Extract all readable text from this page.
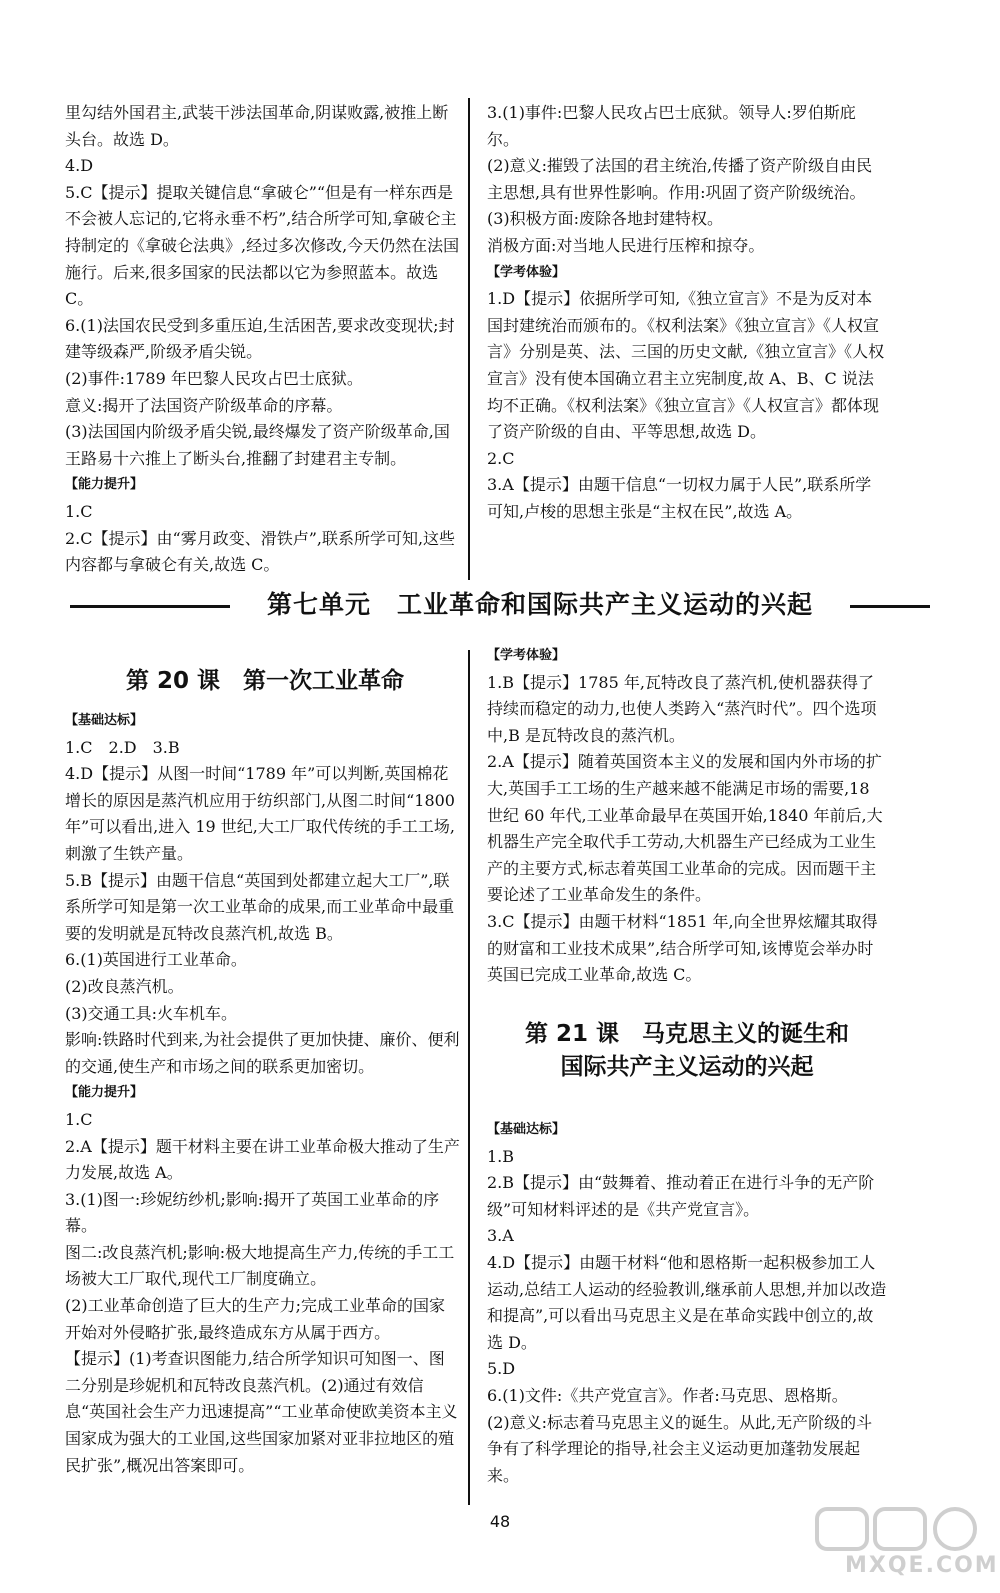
里勾结外国君主,武装干涉法国革命,阴谋败露,被推上断头台。故选 D。

4.D

5.C【提示】提取关键信息“拿破仑”“但是有一样东西是不会被人忘记的,它将永垂不朽”,结合所学可知,拿破仑主持制定的《拿破仑法典》,经过多次修改,今天仍然在法国施行。后来,很多国家的民法都以它为参照蓝本。故选 C。

6.(1)法国农民受到多重压迫,生活困苦,要求改变现状;封建等级森严,阶级矛盾尖锐。

(2)事件:1789 年巴黎人民攻占巴士底狱。

意义:揭开了法国资产阶级革命的序幕。

(3)法国国内阶级矛盾尖锐,最终爆发了资产阶级革命,国王路易十六推上了断头台,推翻了封建君主专制。

【能力提升】

1.C

2.C【提示】由“雾月政变、滑铁卢”,联系所学可知,这些内容都与拿破仑有关,故选 C。

3.(1)事件:巴黎人民攻占巴士底狱。领导人:罗伯斯庇尔。

(2)意义:摧毁了法国的君主统治,传播了资产阶级自由民主思想,具有世界性影响。作用:巩固了资产阶级统治。

(3)积极方面:废除各地封建特权。

消极方面:对当地人民进行压榨和掠夺。

【学考体验】

1.D【提示】依据所学可知,《独立宣言》不是为反对本国封建统治而颁布的。《权利法案》《独立宣言》《人权宣言》分别是英、法、三国的历史文献,《独立宣言》《人权宣言》没有使本国确立君主立宪制度,故 A、B、C 说法均不正确。《权利法案》《独立宣言》《人权宣言》都体现了资产阶级的自由、平等思想,故选 D。

2.C

3.A【提示】由题干信息“一切权力属于人民”,联系所学可知,卢梭的思想主张是“主权在民”,故选 A。

第七单元　工业革命和国际共产主义运动的兴起
第 20 课　第一次工业革命
【基础达标】

1.C　2.D　3.B

4.D【提示】从图一时间“1789 年”可以判断,英国棉花增长的原因是蒸汽机应用于纺织部门,从图二时间“1800 年”可以看出,进入 19 世纪,大工厂取代传统的手工工场,刺激了生铁产量。

5.B【提示】由题干信息“英国到处都建立起大工厂”,联系所学可知是第一次工业革命的成果,而工业革命中最重要的发明就是瓦特改良蒸汽机,故选 B。

6.(1)英国进行工业革命。

(2)改良蒸汽机。

(3)交通工具:火车机车。

影响:铁路时代到来,为社会提供了更加快捷、廉价、便利的交通,使生产和市场之间的联系更加密切。

【能力提升】

1.C

2.A【提示】题干材料主要在讲工业革命极大推动了生产力发展,故选 A。

3.(1)图一:珍妮纺纱机;影响:揭开了英国工业革命的序幕。

图二:改良蒸汽机;影响:极大地提高生产力,传统的手工工场被大工厂取代,现代工厂制度确立。

(2)工业革命创造了巨大的生产力;完成工业革命的国家开始对外侵略扩张,最终造成东方从属于西方。

【提示】(1)考查识图能力,结合所学知识可知图一、图二分别是珍妮机和瓦特改良蒸汽机。(2)通过有效信息“英国社会生产力迅速提高”“工业革命使欧美资本主义国家成为强大的工业国,这些国家加紧对亚非拉地区的殖民扩张”,概况出答案即可。

【学考体验】

1.B【提示】1785 年,瓦特改良了蒸汽机,使机器获得了持续而稳定的动力,也使人类跨入“蒸汽时代”。四个选项中,B 是瓦特改良的蒸汽机。

2.A【提示】随着英国资本主义的发展和国内外市场的扩大,英国手工工场的生产越来越不能满足市场的需要,18 世纪 60 年代,工业革命最早在英国开始,1840 年前后,大机器生产完全取代手工劳动,大机器生产已经成为工业生产的主要方式,标志着英国工业革命的完成。因而题干主要论述了工业革命发生的条件。

3.C【提示】由题干材料“1851 年,向全世界炫耀其取得的财富和工业技术成果”,结合所学可知,该博览会举办时英国已完成工业革命,故选 C。

第 21 课　马克思主义的诞生和
国际共产主义运动的兴起
【基础达标】

1.B

2.B【提示】由“鼓舞着、推动着正在进行斗争的无产阶级”可知材料评述的是《共产党宣言》。

3.A

4.D【提示】由题干材料“他和恩格斯一起积极参加工人运动,总结工人运动的经验教训,继承前人思想,并加以改造和提高”,可以看出马克思主义是在革命实践中创立的,故选 D。

5.D

6.(1)文件:《共产党宣言》。作者:马克思、恩格斯。

(2)意义:标志着马克思主义的诞生。从此,无产阶级的斗争有了科学理论的指导,社会主义运动更加蓬勃发展起来。

48
MXQE.COM
